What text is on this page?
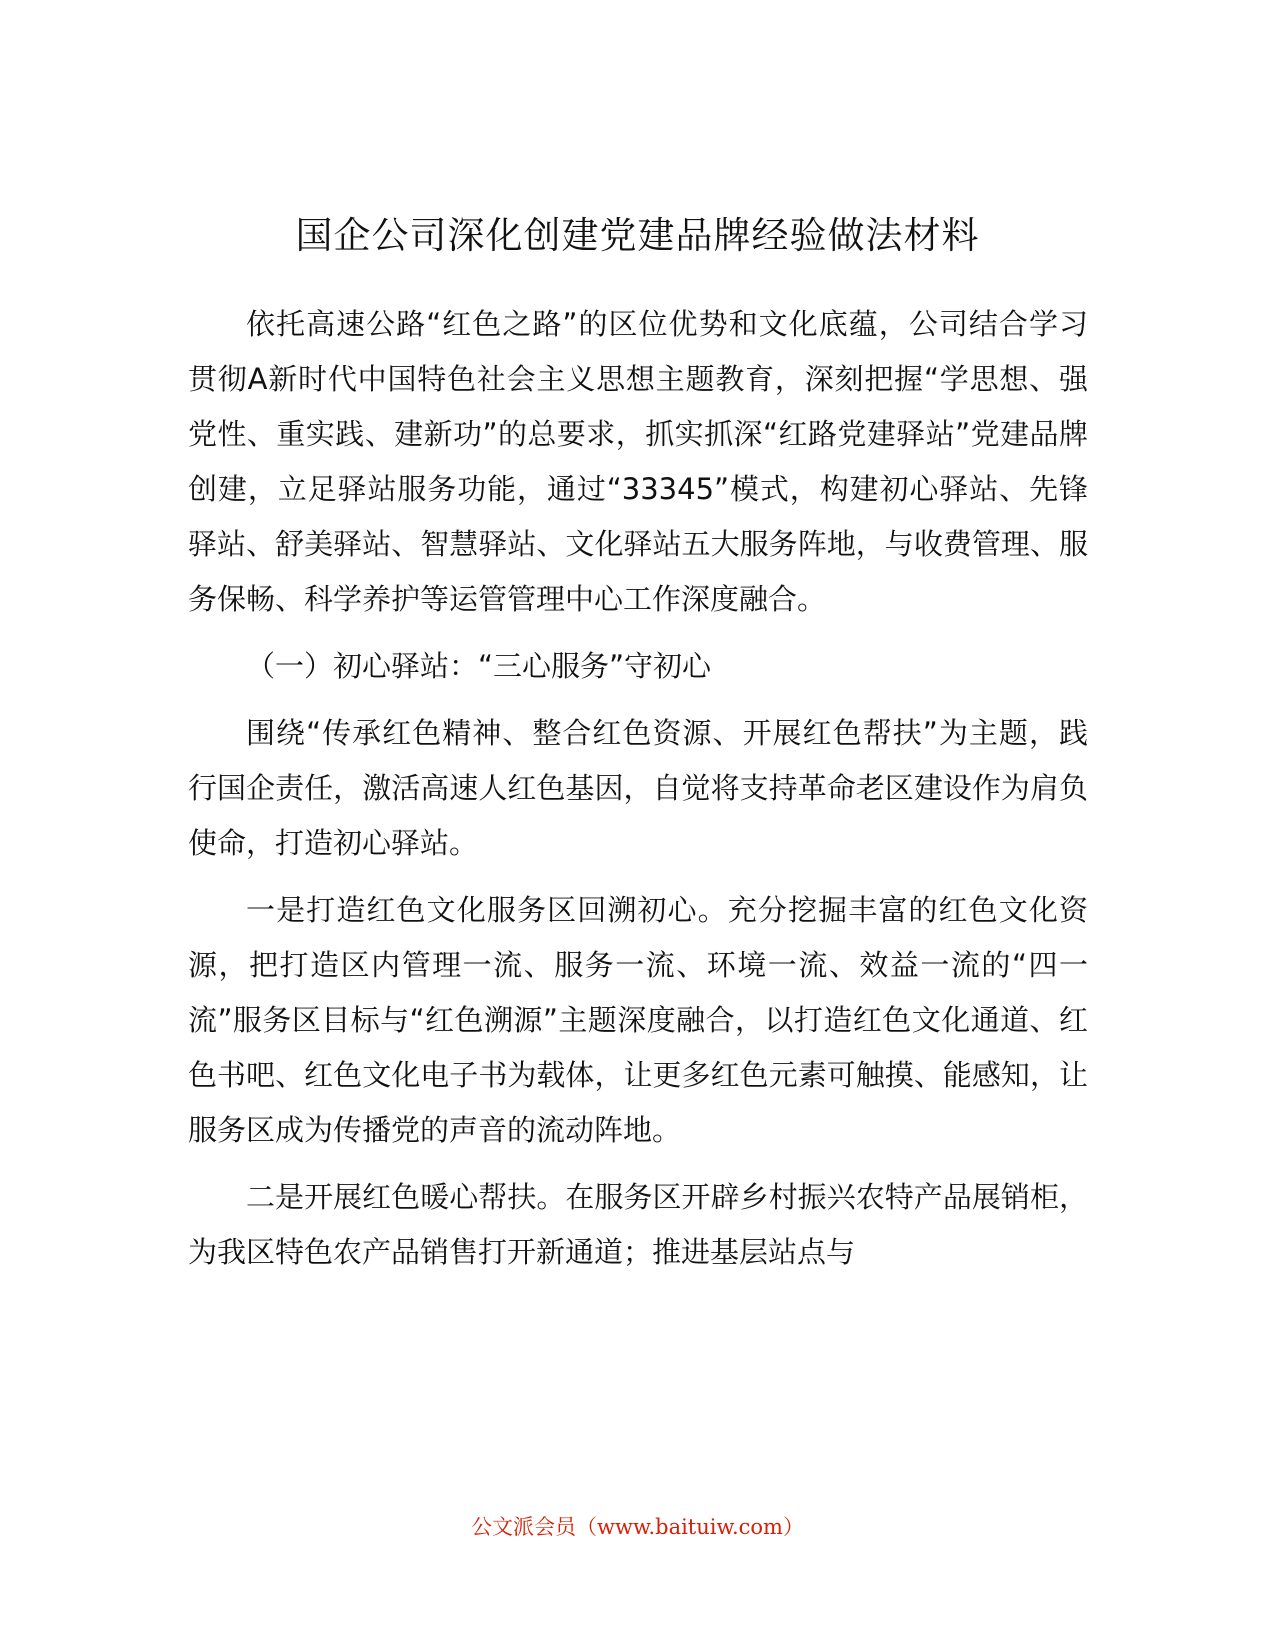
国企公司深化创建党建品牌经验做法材料

依托高速公路“红色之路”的区位优势和文化底蕴，公司结合学习贯彻A新时代中国特色社会主义思想主题教育，深刻把握“学思想、强党性、重实践、建新功”的总要求，抓实抓深“红路党建驿站”党建品牌创建，立足驿站服务功能，通过“33345”模式，构建初心驿站、先锋驿站、舒美驿站、智慧驿站、文化驿站五大服务阵地，与收费管理、服务保畅、科学养护等运管管理中心工作深度融合。

（一）初心驿站：“三心服务”守初心

围绕“传承红色精神、整合红色资源、开展红色帮扶”为主题，践行国企责任，激活高速人红色基因，自觉将支持革命老区建设作为肩负使命，打造初心驿站。

一是打造红色文化服务区回溯初心。充分挖掘丰富的红色文化资源，把打造区内管理一流、服务一流、环境一流、效益一流的“四一流”服务区目标与“红色溯源”主题深度融合，以打造红色文化通道、红色书吧、红色文化电子书为载体，让更多红色元素可触摸、能感知，让服务区成为传播党的声音的流动阵地。

二是开展红色暖心帮扶。在服务区开辟乡村振兴农特产品展销柜，为我区特色农产品销售打开新通道；推进基层站点与

公文派会员（www.baituiw.com）
